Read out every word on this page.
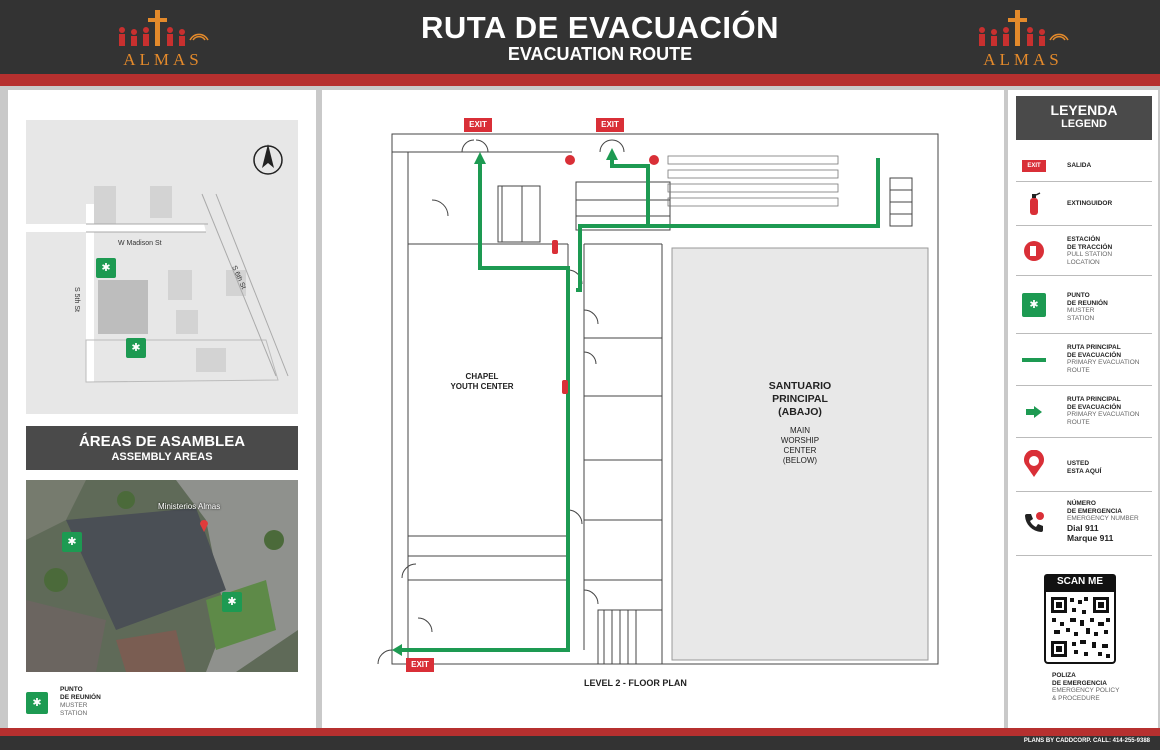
ALMAS
RUTA DE EVACUACIÓN
EVACUATION ROUTE	ALMAS
W Madison St
S 5th St
S 6th St
✱
✱
ÁREAS DE ASAMBLEA
ASSEMBLY AREAS
Ministerios Almas
✱
✱
✱
PUNTO
DE REUNIÓN
MUSTER
STATION
EXIT	EXIT
EXIT
CHAPEL
YOUTH CENTER	SANTUARIO
PRINCIPAL
(ABAJO)
MAIN
WORSHIP
CENTER
(BELOW)
LEVEL 2 - FLOOR PLAN
LEYENDA
LEGEND
EXIT	SALIDA
EXTINGUIDOR
ESTACIÓN
DE TRACCIÓN
PULL STATION
LOCATION
✱
PUNTO
DE REUNIÓN
MUSTER
STATION
RUTA PRINCIPAL
DE EVACUACIÓN
PRIMARY EVACUATION
ROUTE
RUTA PRINCIPAL
DE EVACUACIÓN
PRIMARY EVACUATION
ROUTE
USTED
ESTA AQUÍ
NÚMERO
DE EMERGENCIA
EMERGENCY NUMBER
Dial 911
Marque 911
SCAN ME
POLIZA
DE EMERGENCIA
EMERGENCY POLICY
& PROCEDURE
PLANS BY CADDCORP. CALL: 414-255-9388
